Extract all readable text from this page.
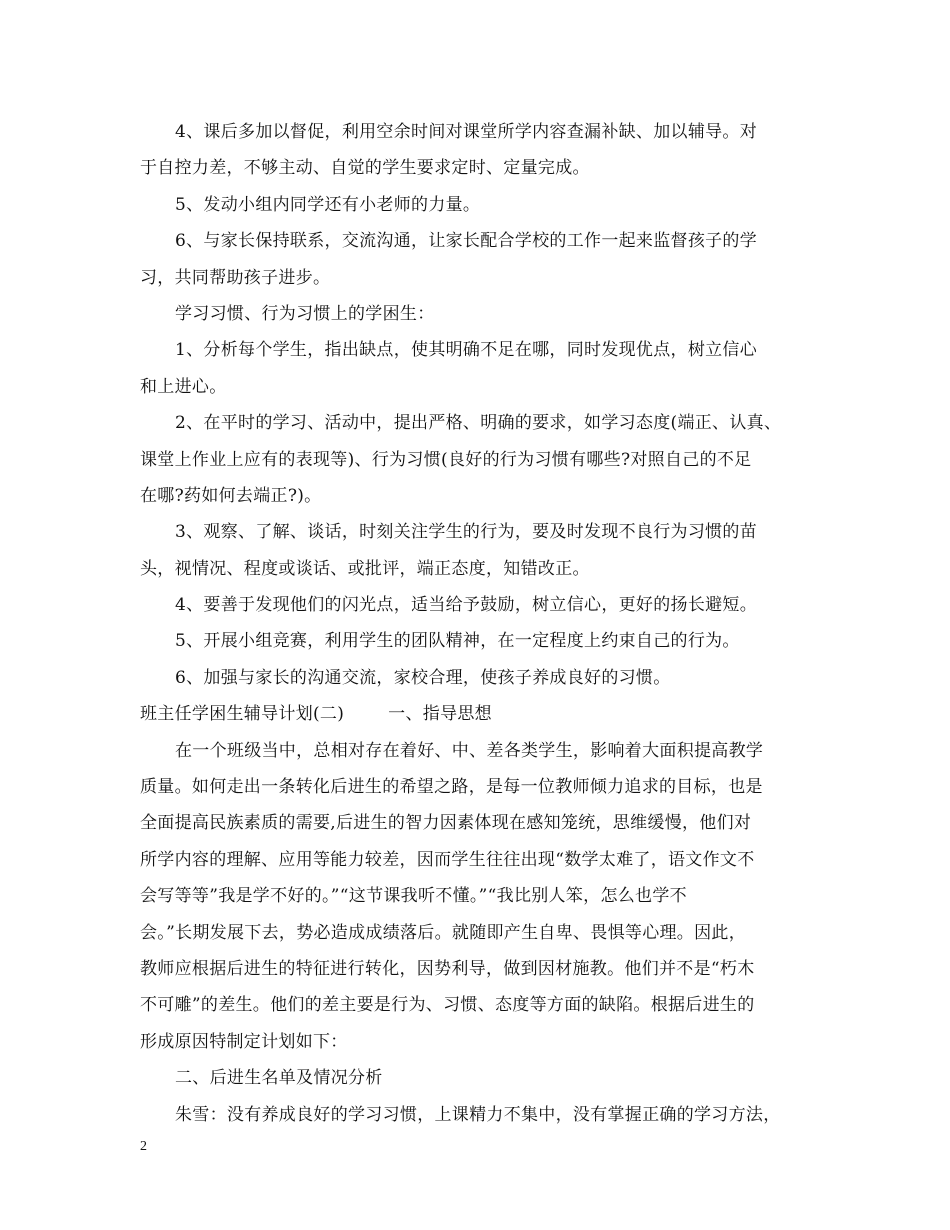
4、课后多加以督促，利用空余时间对课堂所学内容查漏补缺、加以辅导。对
于自控力差，不够主动、自觉的学生要求定时、定量完成。
5、发动小组内同学还有小老师的力量。
6、与家长保持联系，交流沟通，让家长配合学校的工作一起来监督孩子的学
习，共同帮助孩子进步。
学习习惯、行为习惯上的学困生：
1、分析每个学生，指出缺点，使其明确不足在哪，同时发现优点，树立信心
和上进心。
2、在平时的学习、活动中，提出严格、明确的要求，如学习态度(端正、认真、
课堂上作业上应有的表现等)、行为习惯(良好的行为习惯有哪些?对照自己的不足
在哪?药如何去端正?)。
3、观察、了解、谈话，时刻关注学生的行为，要及时发现不良行为习惯的苗
头，视情况、程度或谈话、或批评，端正态度，知错改正。
4、要善于发现他们的闪光点，适当给予鼓励，树立信心，更好的扬长避短。
5、开展小组竞赛，利用学生的团队精神，在一定程度上约束自己的行为。
6、加强与家长的沟通交流，家校合理，使孩子养成良好的习惯。
班主任学困生辅导计划(二)	一、指导思想
在一个班级当中，总相对存在着好、中、差各类学生，影响着大面积提高教学
质量。如何走出一条转化后进生的希望之路，是每一位教师倾力追求的目标，也是
全面提高民族素质的需要,后进生的智力因素体现在感知笼统，思维缓慢，他们对
所学内容的理解、应用等能力较差，因而学生往往出现“数学太难了，语文作文不
会写等等”我是学不好的。”“这节课我听不懂。”“我比别人笨，怎么也学不
会。”长期发展下去，势必造成成绩落后。就随即产生自卑、畏惧等心理。因此，
教师应根据后进生的特征进行转化，因势利导，做到因材施教。他们并不是“朽木
不可雕”的差生。他们的差主要是行为、习惯、态度等方面的缺陷。根据后进生的
形成原因特制定计划如下：
二、后进生名单及情况分析
朱雪：没有养成良好的学习习惯，上课精力不集中，没有掌握正确的学习方法，
2
